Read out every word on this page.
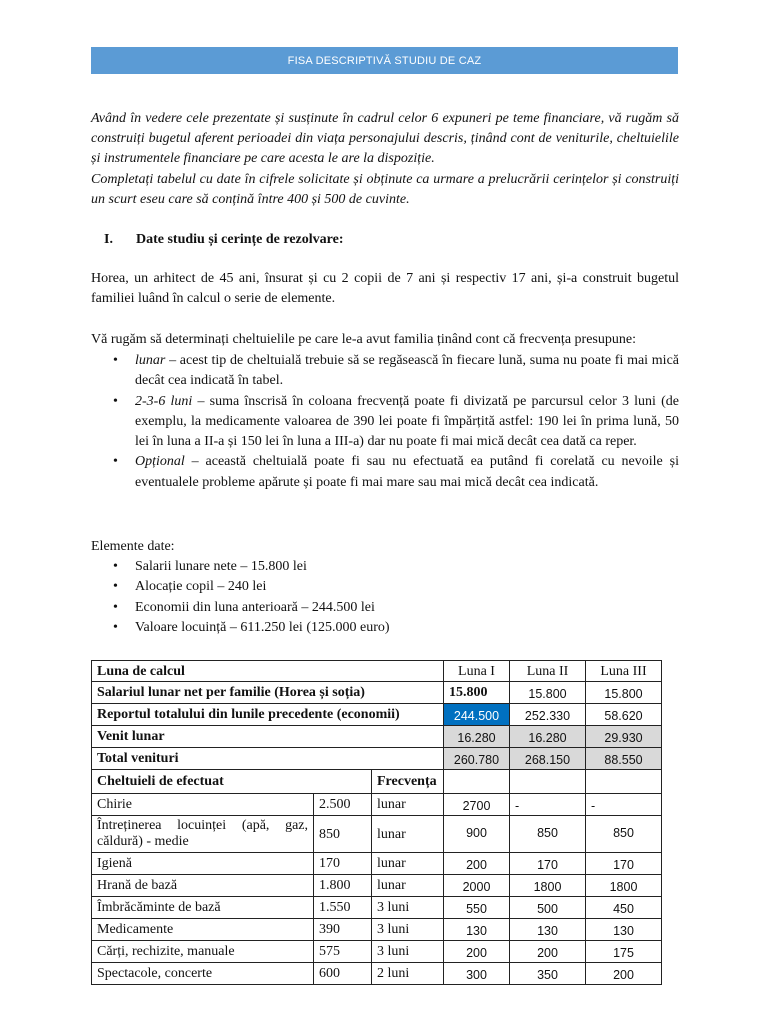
FISA DESCRIPTIVĂ STUDIU DE CAZ

Având în vedere cele prezentate și susținute în cadrul celor 6 expuneri pe teme financiare, vă rugăm să construiți bugetul aferent perioadei din viața personajului descris, ținând cont de veniturile, cheltuielile și instrumentele financiare pe care acesta le are la dispoziție.

Completați tabelul cu date în cifrele solicitate și obținute ca urmare a prelucrării cerințelor și construiți un scurt eseu care să conțină între 400 și 500 de cuvinte.

I. Date studiu și cerințe de rezolvare:

Horea, un arhitect de 45 ani, însurat și cu 2 copii de 7 ani și respectiv 17 ani, și-a construit bugetul familiei luând în calcul o serie de elemente.

Vă rugăm să determinați cheltuielile pe care le-a avut familia ținând cont că frecvența presupune:

• lunar – acest tip de cheltuială trebuie să se regăsească în fiecare lună, suma nu poate fi mai mică decât cea indicată în tabel.
• 2-3-6 luni – suma înscrisă în coloana frecvență poate fi divizată pe parcursul celor 3 luni (de exemplu, la medicamente valoarea de 390 lei poate fi împărțită astfel: 190 lei în prima lună, 50 lei în luna a II-a și 150 lei în luna a III-a) dar nu poate fi mai mică decât cea dată ca reper.
• Opțional – această cheltuială poate fi sau nu efectuată ea putând fi corelată cu nevoile și eventualele probleme apărute și poate fi mai mare sau mai mică decât cea indicată.

Elemente date:

• Salarii lunare nete – 15.800 lei
• Alocație copil – 240 lei
• Economii din luna anterioară – 244.500 lei
• Valoare locuință – 611.250 lei (125.000 euro)
Luna de calcul			Luna I	Luna II	Luna III
Salariul lunar net per familie (Horea și soția)			15.800	15.800	15.800
Reportul totalului din lunile precedente (economii)			244.500	252.330	58.620
Venit lunar			16.280	16.280	29.930
Total venituri			260.780	268.150	88.550
Cheltuieli de efectuat		Frecvența			
Chirie	2.500	lunar	2700	-	-
Întreținerea locuinței (apă, gaz, căldură) - medie	850	lunar	900	850	850
Igienă	170	lunar	200	170	170
Hrană de bază	1.800	lunar	2000	1800	1800
Îmbrăcăminte de bază	1.550	3 luni	550	500	450
Medicamente	390	3 luni	130	130	130
Cărți, rechizite, manuale	575	3 luni	200	200	175
Spectacole, concerte	600	2 luni	300	350	200
